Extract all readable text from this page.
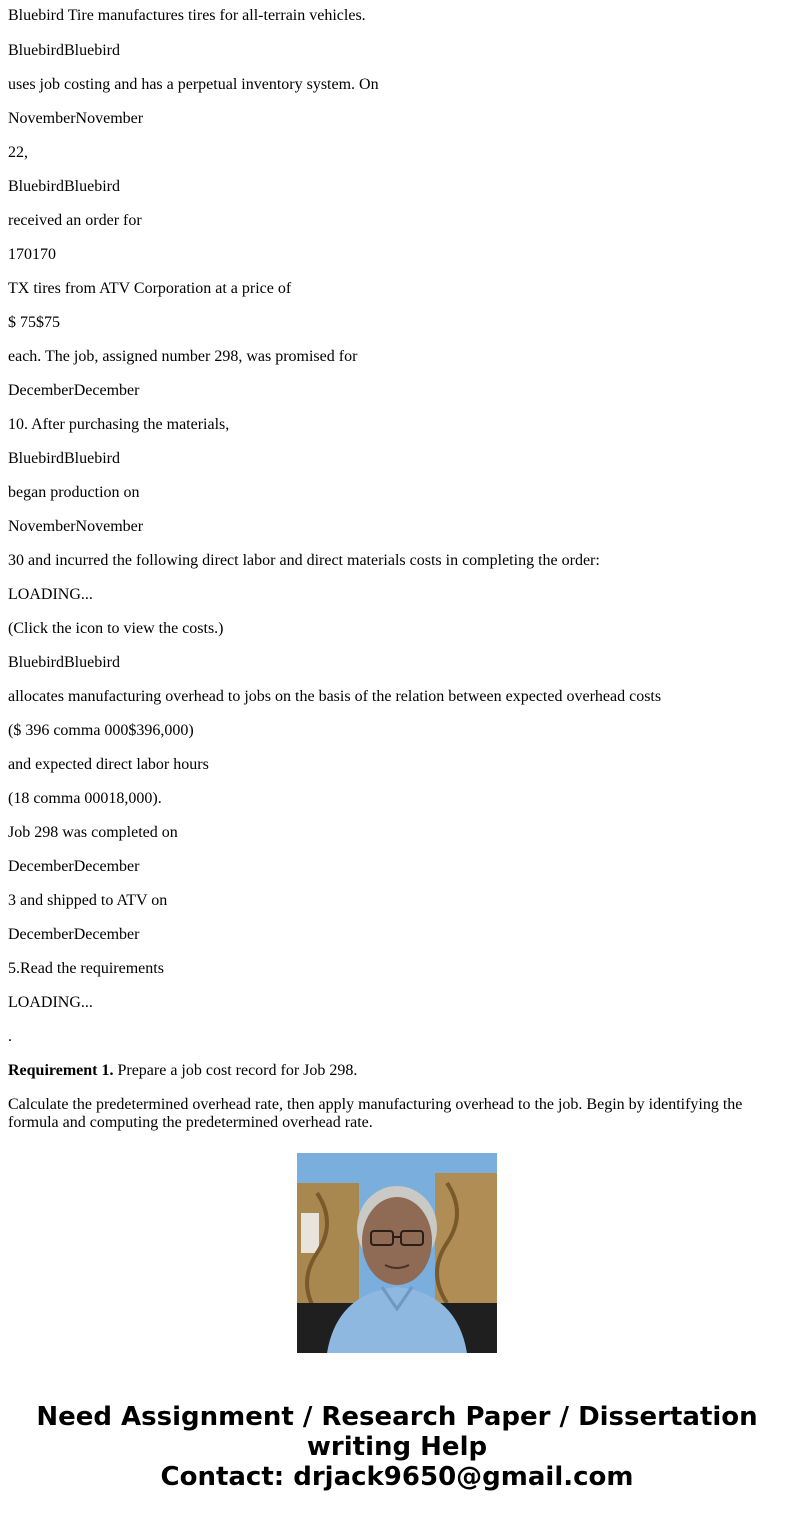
Bluebird Tire manufactures tires for all-terrain vehicles.

BluebirdBluebird

uses job costing and has a perpetual inventory system. On

NovemberNovember

22,

BluebirdBluebird

received an order for

170170

TX tires from ATV Corporation at a price of

$ 75$75

each. The job, assigned number 298, was promised for

DecemberDecember

10. After purchasing the materials,

BluebirdBluebird

began production on

NovemberNovember

30 and incurred the following direct labor and direct materials costs in completing the order:

LOADING...

(Click the icon to view the costs.)

BluebirdBluebird

allocates manufacturing overhead to jobs on the basis of the relation between expected overhead costs

($ 396 comma 000$396,000)

and expected direct labor hours

(18 comma 00018,000).

Job 298 was completed on

DecemberDecember

3 and shipped to ATV on

DecemberDecember

5.Read the requirements

LOADING...

.

Requirement 1. Prepare a job cost record for Job 298.

Calculate the predetermined overhead rate, then apply manufacturing overhead to the job. Begin by identifying the formula and computing the predetermined overhead rate.

Need Assignment / Research Paper / Dissertation
writing Help
Contact: drjack9650@gmail.com
